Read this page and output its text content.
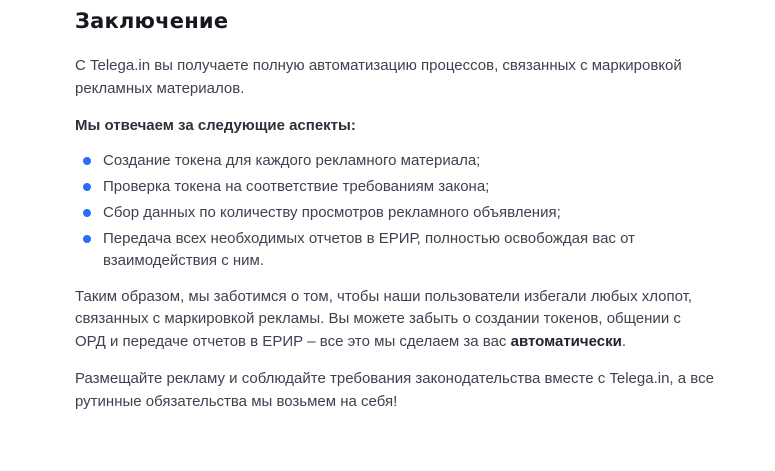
Заключение

С Telega.in вы получаете полную автоматизацию процессов, связанных с маркировкой рекламных материалов.

Мы отвечаем за следующие аспекты:

Создание токена для каждого рекламного материала;
Проверка токена на соответствие требованиям закона;
Сбор данных по количеству просмотров рекламного объявления;
Передача всех необходимых отчетов в ЕРИР, полностью освобождая вас от взаимодействия с ним.

Таким образом, мы заботимся о том, чтобы наши пользователи избегали любых хлопот, связанных с маркировкой рекламы. Вы можете забыть о создании токенов, общении с ОРД и передаче отчетов в ЕРИР – все это мы сделаем за вас автоматически.

Размещайте рекламу и соблюдайте требования законодательства вместе с Telega.in, а все рутинные обязательства мы возьмем на себя!
